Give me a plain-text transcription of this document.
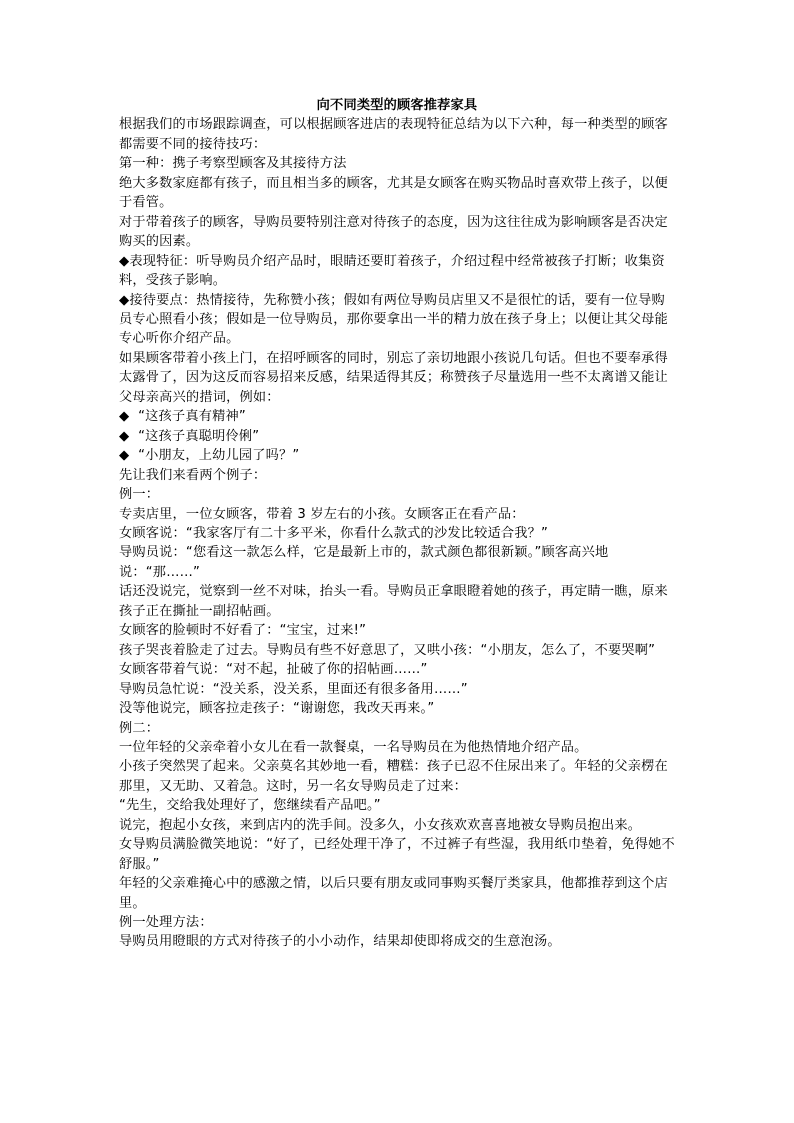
向不同类型的顾客推荐家具

根据我们的市场跟踪调查，可以根据顾客进店的表现特征总结为以下六种，每一种类型的顾客都需要不同的接待技巧：

第一种：携子考察型顾客及其接待方法

绝大多数家庭都有孩子，而且相当多的顾客，尤其是女顾客在购买物品时喜欢带上孩子，以便于看管。

对于带着孩子的顾客，导购员要特别注意对待孩子的态度，因为这往往成为影响顾客是否决定购买的因素。

◆表现特征：听导购员介绍产品时，眼睛还要盯着孩子，介绍过程中经常被孩子打断；收集资料，受孩子影响。

◆接待要点：热情接待，先称赞小孩；假如有两位导购员店里又不是很忙的话，要有一位导购员专心照看小孩；假如是一位导购员，那你要拿出一半的精力放在孩子身上；以便让其父母能专心听你介绍产品。

如果顾客带着小孩上门，在招呼顾客的同时，别忘了亲切地跟小孩说几句话。但也不要奉承得太露骨了，因为这反而容易招来反感，结果适得其反；称赞孩子尽量选用一些不太离谱又能让父母亲高兴的措词，例如：

◆  “这孩子真有精神”

◆  “这孩子真聪明伶俐”

◆  “小朋友，上幼儿园了吗？”

先让我们来看两个例子：

例一：

专卖店里，一位女顾客，带着 3 岁左右的小孩。女顾客正在看产品：

女顾客说：“我家客厅有二十多平米，你看什么款式的沙发比较适合我？”

导购员说：“您看这一款怎么样，它是最新上市的，款式颜色都很新颖。”顾客高兴地说：“那……”

话还没说完，觉察到一丝不对味，抬头一看。导购员正拿眼瞪着她的孩子，再定睛一瞧，原来孩子正在撕扯一副招帖画。

女顾客的脸顿时不好看了：“宝宝，过来!”

孩子哭丧着脸走了过去。导购员有些不好意思了，又哄小孩：“小朋友，怎么了，不要哭啊”

女顾客带着气说：“对不起，扯破了你的招帖画……”

导购员急忙说：“没关系，没关系，里面还有很多备用……”

没等他说完，顾客拉走孩子：“谢谢您，我改天再来。”

例二：

一位年轻的父亲牵着小女儿在看一款餐桌，一名导购员在为他热情地介绍产品。

小孩子突然哭了起来。父亲莫名其妙地一看，糟糕：孩子已忍不住尿出来了。年轻的父亲楞在那里，又无助、又着急。这时，另一名女导购员走了过来：

“先生，交给我处理好了，您继续看产品吧。”

说完，抱起小女孩，来到店内的洗手间。没多久，小女孩欢欢喜喜地被女导购员抱出来。

女导购员满脸微笑地说：“好了，已经处理干净了，不过裤子有些湿，我用纸巾垫着，免得她不舒服。”

年轻的父亲难掩心中的感激之情，以后只要有朋友或同事购买餐厅类家具，他都推荐到这个店里。

例一处理方法：

导购员用瞪眼的方式对待孩子的小小动作，结果却使即将成交的生意泡汤。
